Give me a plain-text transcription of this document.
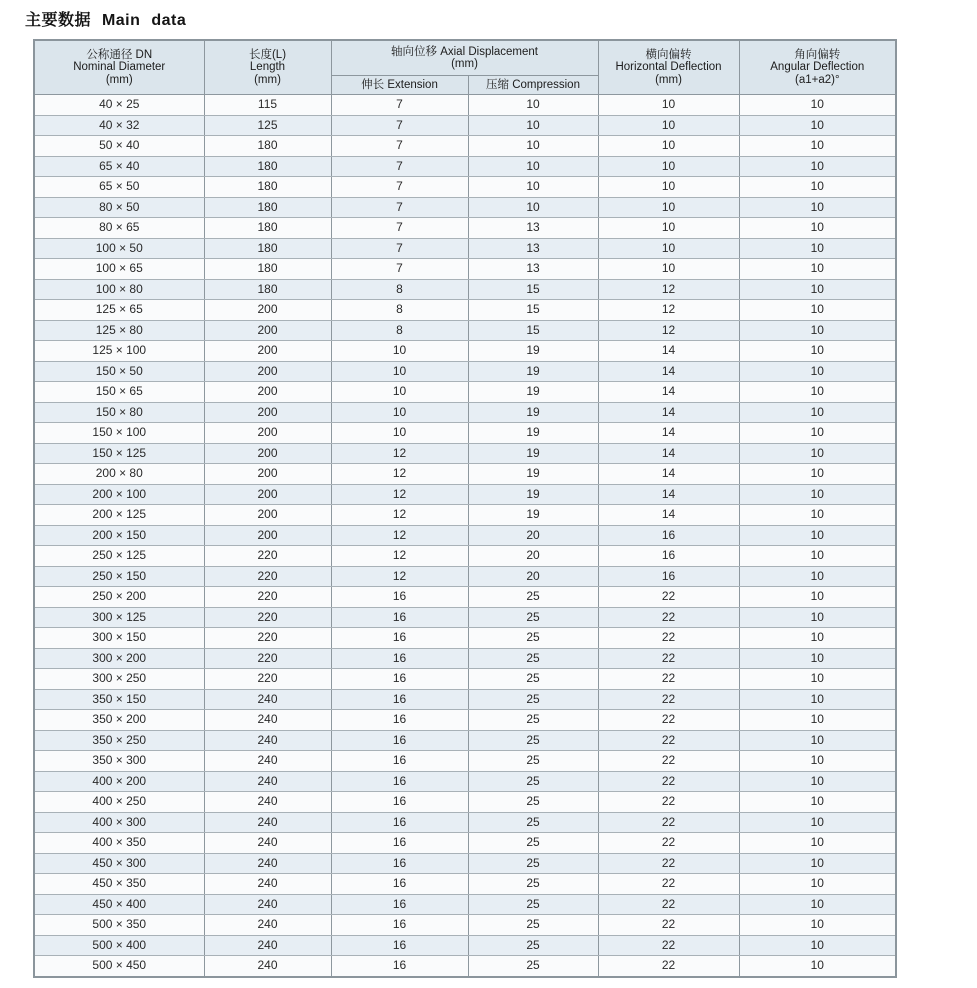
主要数据 Main data
公称通径 DN
Nominal Diameter
(mm)

长度(L)
Length
(mm)

轴向位移 Axial Displacement
(mm)

横向偏转
Horizontal Deflection
(mm)

角向偏转
Angular Deflection
(a1+a2)°

		伸长 Extension	压缩 Compression		
40 × 25	115	7	10	10	10
40 × 32	125	7	10	10	10
50 × 40	180	7	10	10	10
65 × 40	180	7	10	10	10
65 × 50	180	7	10	10	10
80 × 50	180	7	10	10	10
80 × 65	180	7	13	10	10
100 × 50	180	7	13	10	10
100 × 65	180	7	13	10	10
100 × 80	180	8	15	12	10
125 × 65	200	8	15	12	10
125 × 80	200	8	15	12	10
125 × 100	200	10	19	14	10
150 × 50	200	10	19	14	10
150 × 65	200	10	19	14	10
150 × 80	200	10	19	14	10
150 × 100	200	10	19	14	10
150 × 125	200	12	19	14	10
200 × 80	200	12	19	14	10
200 × 100	200	12	19	14	10
200 × 125	200	12	19	14	10
200 × 150	200	12	20	16	10
250 × 125	220	12	20	16	10
250 × 150	220	12	20	16	10
250 × 200	220	16	25	22	10
300 × 125	220	16	25	22	10
300 × 150	220	16	25	22	10
300 × 200	220	16	25	22	10
300 × 250	220	16	25	22	10
350 × 150	240	16	25	22	10
350 × 200	240	16	25	22	10
350 × 250	240	16	25	22	10
350 × 300	240	16	25	22	10
400 × 200	240	16	25	22	10
400 × 250	240	16	25	22	10
400 × 300	240	16	25	22	10
400 × 350	240	16	25	22	10
450 × 300	240	16	25	22	10
450 × 350	240	16	25	22	10
450 × 400	240	16	25	22	10
500 × 350	240	16	25	22	10
500 × 400	240	16	25	22	10
500 × 450	240	16	25	22	10
